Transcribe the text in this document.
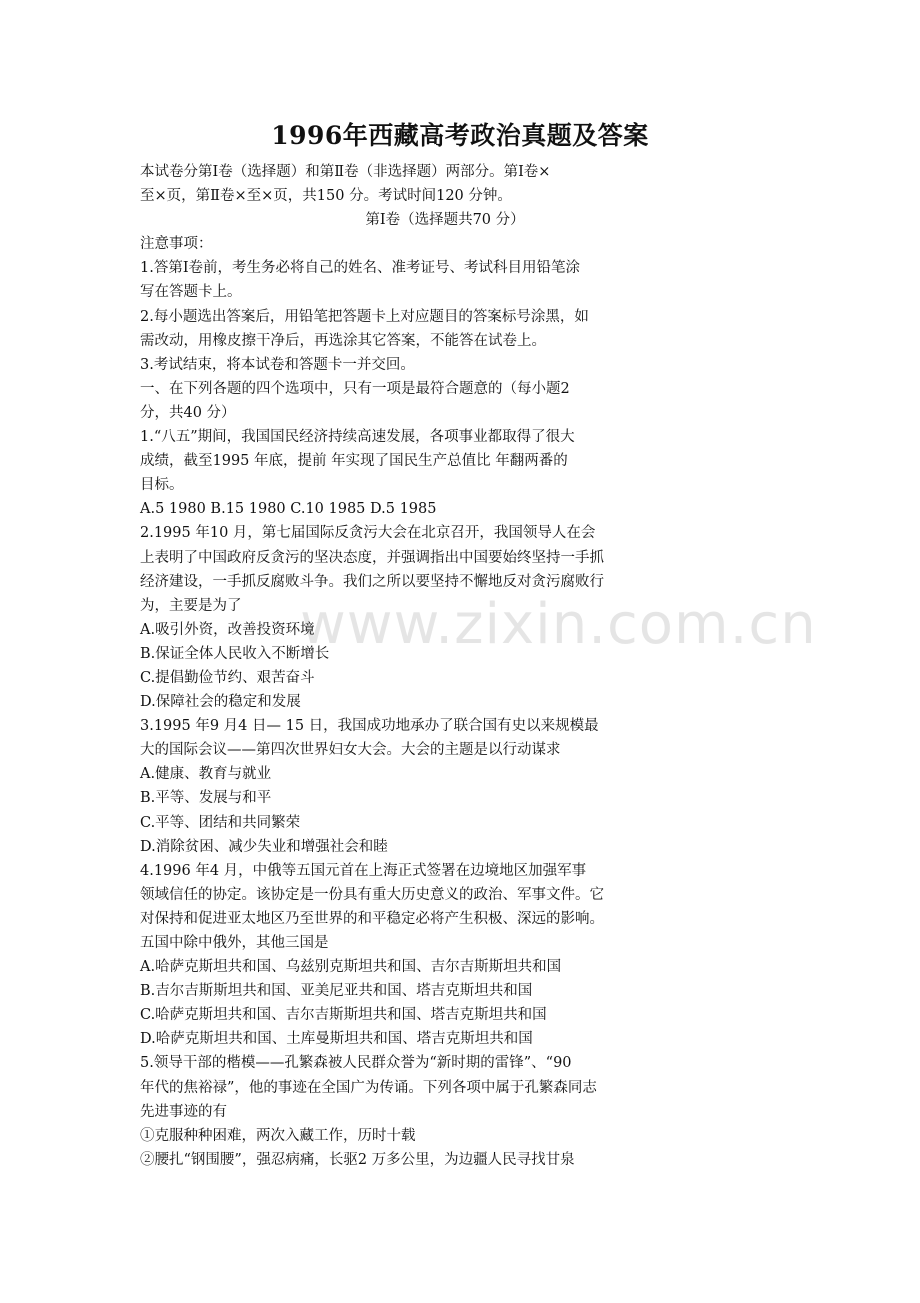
1996年西藏高考政治真题及答案
www.zixin.com.cn
本试卷分第Ⅰ卷（选择题）和第Ⅱ卷（非选择题）两部分。第Ⅰ卷×
至×页，第Ⅱ卷×至×页，共150 分。考试时间120 分钟。
第Ⅰ卷（选择题共70 分）
注意事项：
1.答第Ⅰ卷前，考生务必将自己的姓名、准考证号、考试科目用铅笔涂
写在答题卡上。
2.每小题选出答案后，用铅笔把答题卡上对应题目的答案标号涂黑，如
需改动，用橡皮擦干净后，再选涂其它答案，不能答在试卷上。
3.考试结束，将本试卷和答题卡一并交回。
一、在下列各题的四个选项中，只有一项是最符合题意的（每小题2
分，共40 分）
1.“八五”期间，我国国民经济持续高速发展，各项事业都取得了很大
成绩，截至1995 年底，提前 年实现了国民生产总值比 年翻两番的
目标。
A.5 1980 B.15 1980 C.10 1985 D.5 1985
2.1995 年10 月，第七届国际反贪污大会在北京召开，我国领导人在会
上表明了中国政府反贪污的坚决态度，并强调指出中国要始终坚持一手抓
经济建设，一手抓反腐败斗争。我们之所以要坚持不懈地反对贪污腐败行
为，主要是为了
A.吸引外资，改善投资环境
B.保证全体人民收入不断增长
C.提倡勤俭节约、艰苦奋斗
D.保障社会的稳定和发展
3.1995 年9 月4 日— 15 日，我国成功地承办了联合国有史以来规模最
大的国际会议——第四次世界妇女大会。大会的主题是以行动谋求
A.健康、教育与就业
B.平等、发展与和平
C.平等、团结和共同繁荣
D.消除贫困、减少失业和增强社会和睦
4.1996 年4 月，中俄等五国元首在上海正式签署在边境地区加强军事
领域信任的协定。该协定是一份具有重大历史意义的政治、军事文件。它
对保持和促进亚太地区乃至世界的和平稳定必将产生积极、深远的影响。
五国中除中俄外，其他三国是
A.哈萨克斯坦共和国、乌兹别克斯坦共和国、吉尔吉斯斯坦共和国
B.吉尔吉斯斯坦共和国、亚美尼亚共和国、塔吉克斯坦共和国
C.哈萨克斯坦共和国、吉尔吉斯斯坦共和国、塔吉克斯坦共和国
D.哈萨克斯坦共和国、土库曼斯坦共和国、塔吉克斯坦共和国
5.领导干部的楷模——孔繁森被人民群众誉为“新时期的雷锋”、“90
年代的焦裕禄”，他的事迹在全国广为传诵。下列各项中属于孔繁森同志
先进事迹的有
①克服种种困难，两次入藏工作，历时十载
②腰扎“钢围腰”，强忍病痛，长驱2 万多公里，为边疆人民寻找甘泉
